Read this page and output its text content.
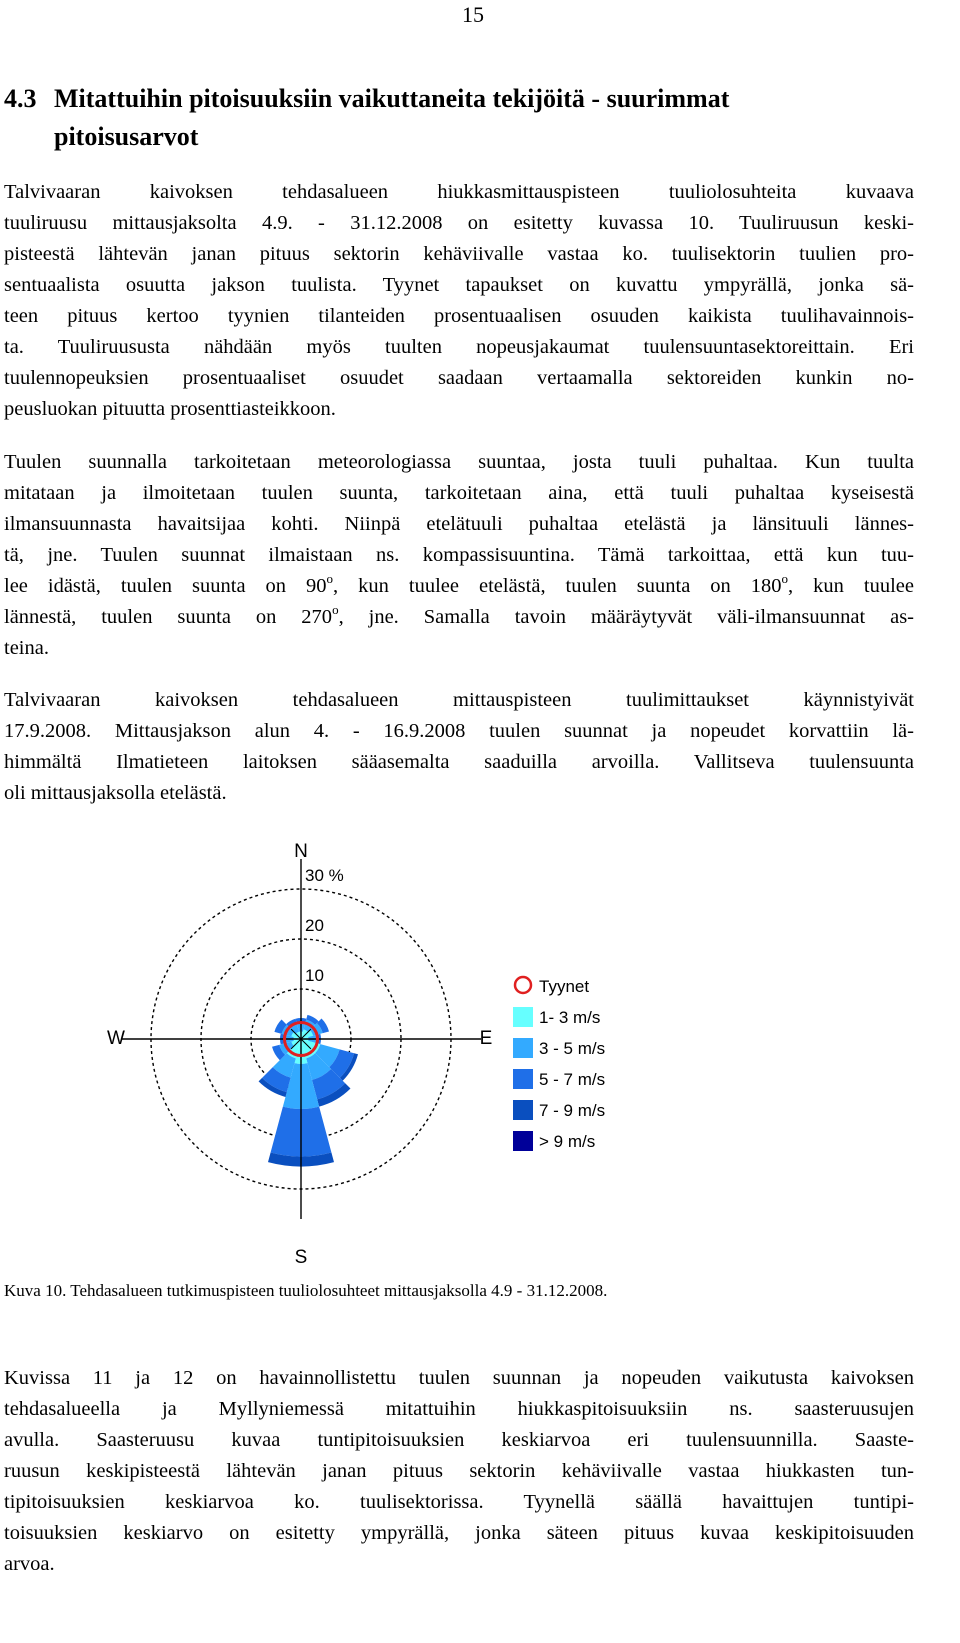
15
4.3 Mitattuihin pitoisuuksiin vaikuttaneita tekijöitä - suurimmat
pitoisusarvot
Talvivaaran kaivoksen tehdasalueen hiukkasmittauspisteen tuuliolosuhteita kuvaava
tuuliruusu mittausjaksolta 4.9. - 31.12.2008 on esitetty kuvassa 10. Tuuliruusun keski-
pisteestä lähtevän janan pituus sektorin kehäviivalle vastaa ko. tuulisektorin tuulien pro-
sentuaalista osuutta jakson tuulista. Tyynet tapaukset on kuvattu ympyrällä, jonka sä-
teen pituus kertoo tyynien tilanteiden prosentuaalisen osuuden kaikista tuulihavainnois-
ta. Tuuliruususta nähdään myös tuulten nopeusjakaumat tuulensuuntasektoreittain. Eri
tuulennopeuksien prosentuaaliset osuudet saadaan vertaamalla sektoreiden kunkin no-
peusluokan pituutta prosenttiasteikkoon.
Tuulen suunnalla tarkoitetaan meteorologiassa suuntaa, josta tuuli puhaltaa. Kun tuulta
mitataan ja ilmoitetaan tuulen suunta, tarkoitetaan aina, että tuuli puhaltaa kyseisestä
ilmansuunnasta havaitsijaa kohti. Niinpä etelätuuli puhaltaa etelästä ja länsituuli lännes-
tä, jne. Tuulen suunnat ilmaistaan ns. kompassisuuntina. Tämä tarkoittaa, että kun tuu-
lee idästä, tuulen suunta on 90$^o$, kun tuulee etelästä, tuulen suunta on 180$^o$, kun tuulee
lännestä, tuulen suunta on 270$^o$, jne. Samalla tavoin määräytyvät väli-ilmansuunnat as-
teina.
Talvivaaran kaivoksen tehdasalueen mittauspisteen tuulimittaukset käynnistyivät
17.9.2008. Mittausjakson alun 4. - 16.9.2008 tuulen suunnat ja nopeudet korvattiin lä-
himmältä Ilmatieteen laitoksen sääasemalta saaduilla arvoilla. Vallitseva tuulensuunta
oli mittausjaksolla etelästä.
N
S
W	E
10
20
30 %
Tyynet
1- 3 m/s
3 - 5 m/s
5 - 7 m/s
7 - 9 m/s
> 9 m/s
Kuva 10. Tehdasalueen tutkimuspisteen tuuliolosuhteet mittausjaksolla 4.9 - 31.12.2008.
Kuvissa 11 ja 12 on havainnollistettu tuulen suunnan ja nopeuden vaikutusta kaivoksen
tehdasalueella ja Myllyniemessä mitattuihin hiukkaspitoisuuksiin ns. saasteruusujen
avulla. Saasteruusu kuvaa tuntipitoisuuksien keskiarvoa eri tuulensuunnilla. Saaste-
ruusun keskipisteestä lähtevän janan pituus sektorin kehäviivalle vastaa hiukkasten tun-
tipitoisuuksien keskiarvoa ko. tuulisektorissa. Tyynellä säällä havaittujen tuntipi-
toisuuksien keskiarvo on esitetty ympyrällä, jonka säteen pituus kuvaa keskipitoisuuden
arvoa.
